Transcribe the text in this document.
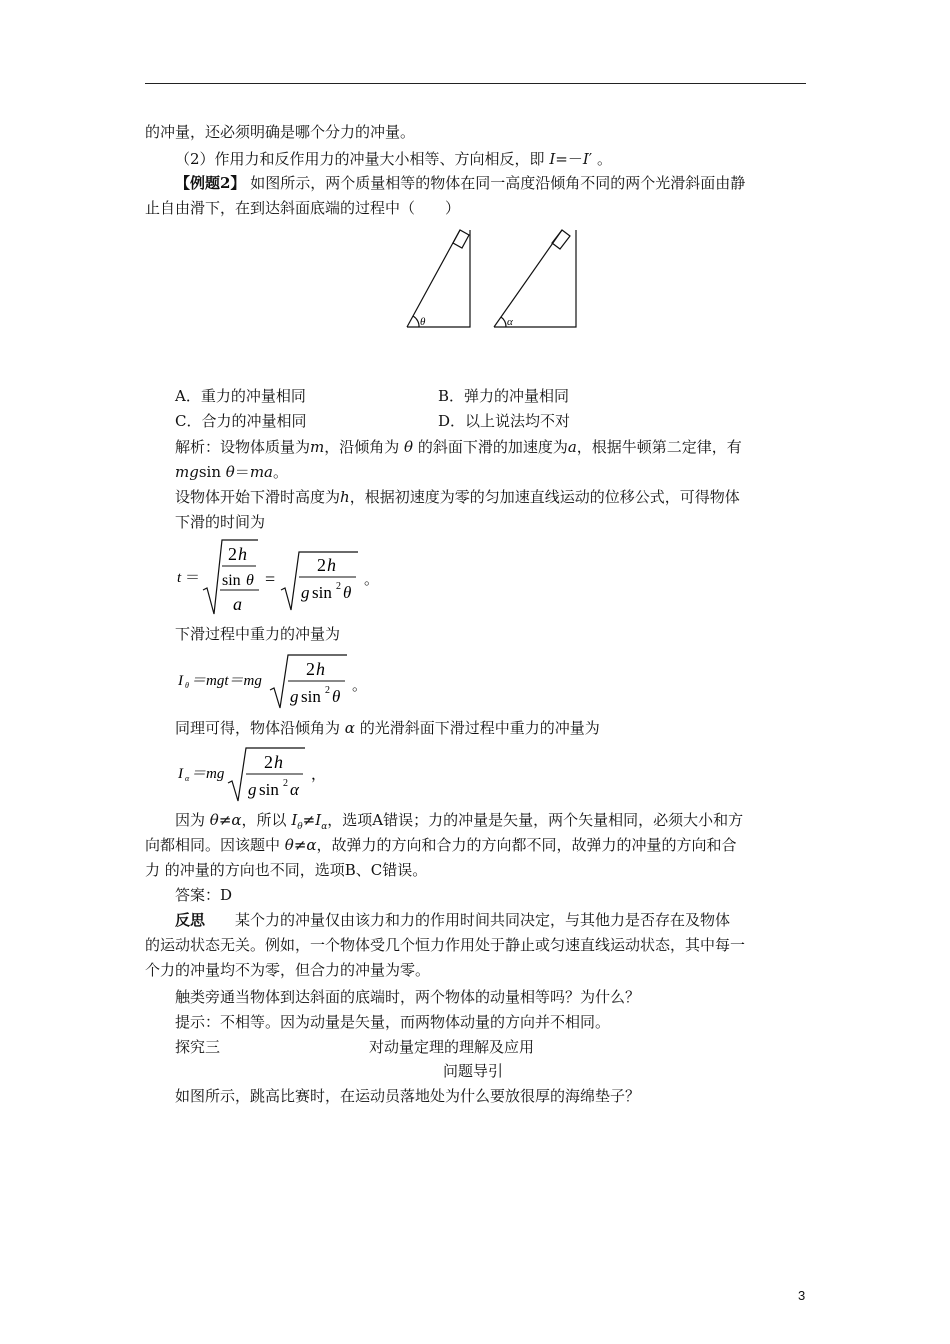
的冲量，还必须明确是哪个分力的冲量。
（2）作用力和反作用力的冲量大小相等、方向相反，即 I=－I′ 。
【例题2】 如图所示，两个质量相等的物体在同一高度沿倾角不同的两个光滑斜面由静
止自由滑下，在到达斜面底端的过程中（　　）
θ	α
A．重力的冲量相同	B．弹力的冲量相同
C．合力的冲量相同	D．以上说法均不对
解析：设物体质量为m，沿倾角为 θ 的斜面下滑的加速度为a，根据牛顿第二定律，有
mgsin θ＝ma。
设物体开始下滑时高度为h，根据初速度为零的匀加速直线运动的位移公式，可得物体
下滑的时间为
t ＝
2 h
sin θ
a
=
2 h
g sin 2 θ
。
下滑过程中重力的冲量为
I θ ＝mgt＝mg
2 h
g sin 2 θ
。
同理可得，物体沿倾角为 α 的光滑斜面下滑过程中重力的冲量为
I α ＝mg
2 h
g sin 2 α
，
因为 θ≠α，所以 $I_\theta\ne I_\alpha$，选项A错误；力的冲量是矢量，两个矢量相同，必须大小和方
向都相同。因该题中 θ≠α，故弹力的方向和合力的方向都不同，故弹力的冲量的方向和合
力 的冲量的方向也不同，选项B、C错误。
答案：D
反思　　某个力的冲量仅由该力和力的作用时间共同决定，与其他力是否存在及物体
的运动状态无关。例如，一个物体受几个恒力作用处于静止或匀速直线运动状态，其中每一
个力的冲量均不为零，但合力的冲量为零。
触类旁通当物体到达斜面的底端时，两个物体的动量相等吗？为什么？
提示：不相等。因为动量是矢量，而两物体动量的方向并不相同。
探究三	对动量定理的理解及应用
问题导引
如图所示，跳高比赛时，在运动员落地处为什么要放很厚的海绵垫子？
3
